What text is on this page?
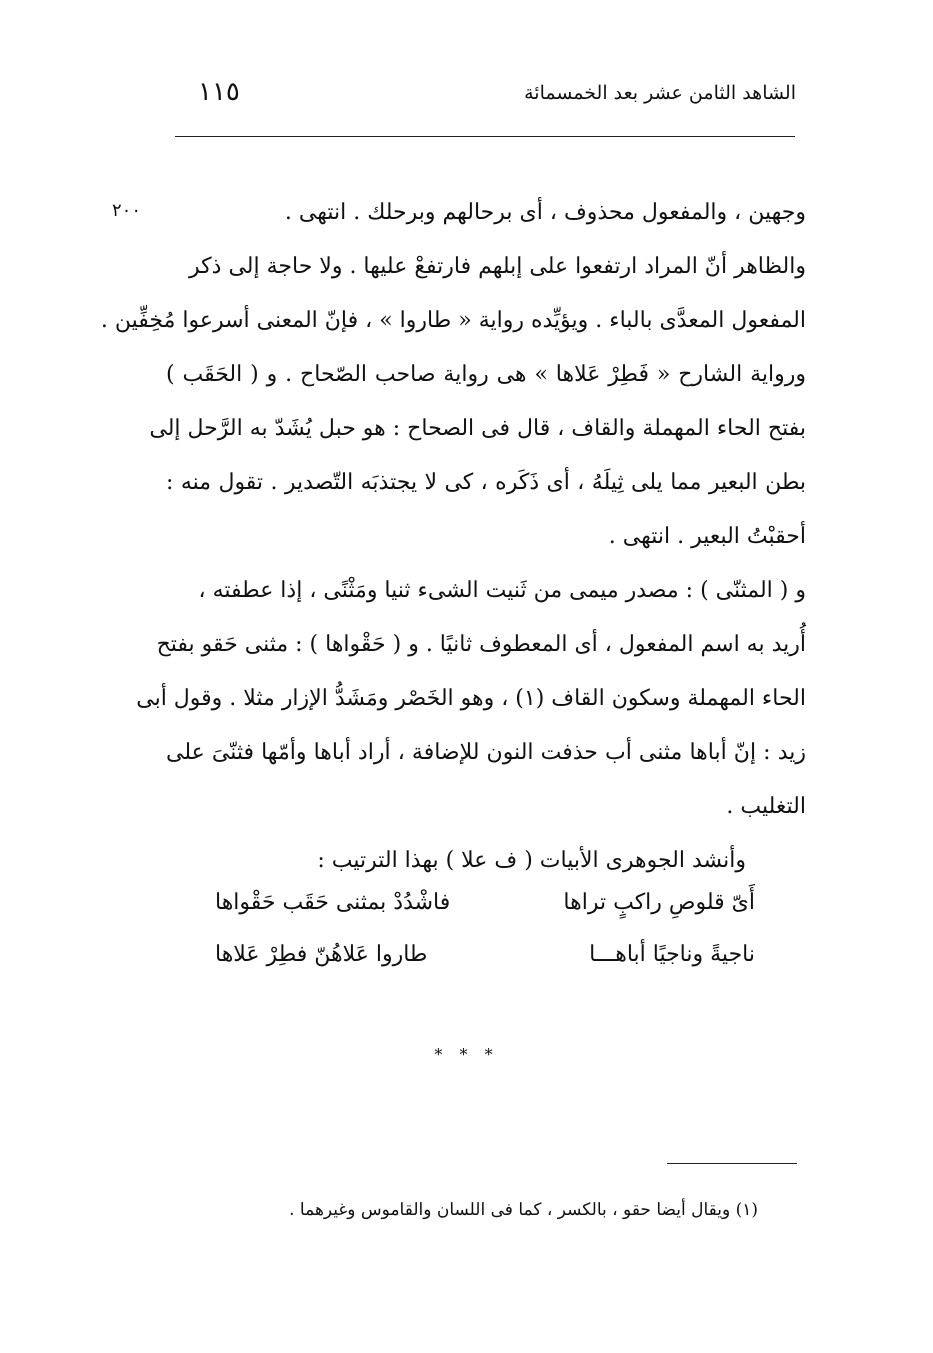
الشاهد الثامن عشر بعد الخمسمائة
١١٥
٢٠٠	وجهين ، والمفعول محذوف ، أى برحالهم وبرحلك . انتهى .
والظاهر أنّ المراد ارتفعوا على إبلهم فارتفعْ عليها . ولا حاجة إلى ذكر
المفعول المعدَّى بالباء . ويؤيِّده رواية « طاروا » ، فإنّ المعنى أسرعوا مُخِفِّين .
ورواية الشارح « فَطِرْ عَلاها » هى رواية صاحب الصّحاح . و ( الحَقَب )
بفتح الحاء المهملة والقاف ، قال فى الصحاح : هو حبل يُشَدّ به الرَّحل إلى
بطن البعير مما يلى ثِيلَهُ ، أى ذَكَره ، كى لا يجتذبَه التّصدير . تقول منه :
أحقبْتُ البعير . انتهى .
و ( المثنّى ) : مصدر ميمى من ثَنيت الشىء ثنيا ومَثْنًى ، إذا عطفته ،
أُريد به اسم المفعول ، أى المعطوف ثانيًا . و ( حَقْواها ) : مثنى حَقو بفتح
الحاء المهملة وسكون القاف (١) ، وهو الخَصْر ومَشَدُّ الإزار مثلا . وقول أبى
زيد : إنّ أباها مثنى أب حذفت النون للإضافة ، أراد أباها وأمّها فثنّىَ على
التغليب .
وأنشد الجوهرى الأبيات ( ف علا ) بهذا الترتيب :
أَىّ قلوصِ راكبٍ تراها
فاشْدُدْ بمثنى حَقَب حَقْواها
ناجيةً وناجيًا أباهـــا
طاروا عَلاهُنّ فطِرْ عَلاها
* * *
(١) ويقال أيضا حقو ، بالكسر ، كما فى اللسان والقاموس وغيرهما .
